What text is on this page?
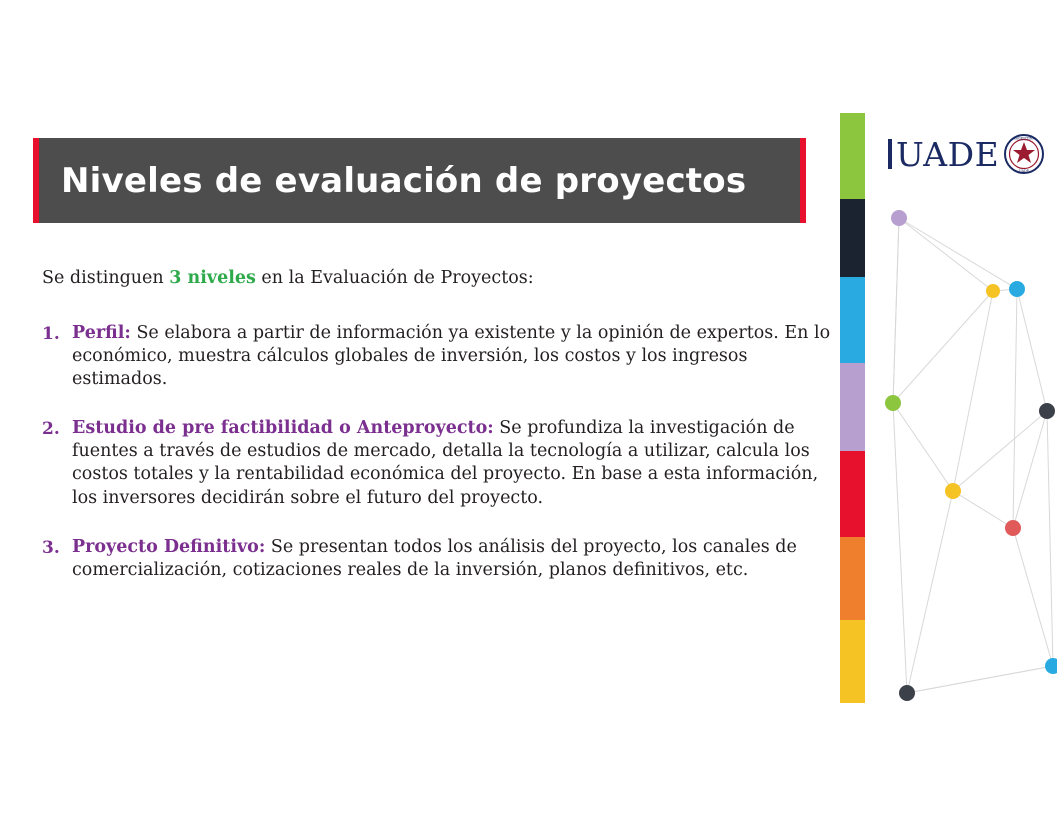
Niveles de evaluación de proyectos
Se distinguen 3 niveles en la Evaluación de Proyectos:
1. Perfil: Se elabora a partir de información ya existente y la opinión de expertos. En lo económico, muestra cálculos globales de inversión, los costos y los ingresos estimados.
2. Estudio de pre factibilidad o Anteproyecto: Se profundiza la investigación de fuentes a través de estudios de mercado, detalla la tecnología a utilizar, calcula los costos totales y la rentabilidad económica del proyecto. En base a esta información, los inversores decidirán sobre el futuro del proyecto.
3. Proyecto Definitivo: Se presentan todos los análisis del proyecto, los canales de comercialización, cotizaciones reales de la inversión, planos definitivos, etc.
UADE	ARGENTINA
UADE
